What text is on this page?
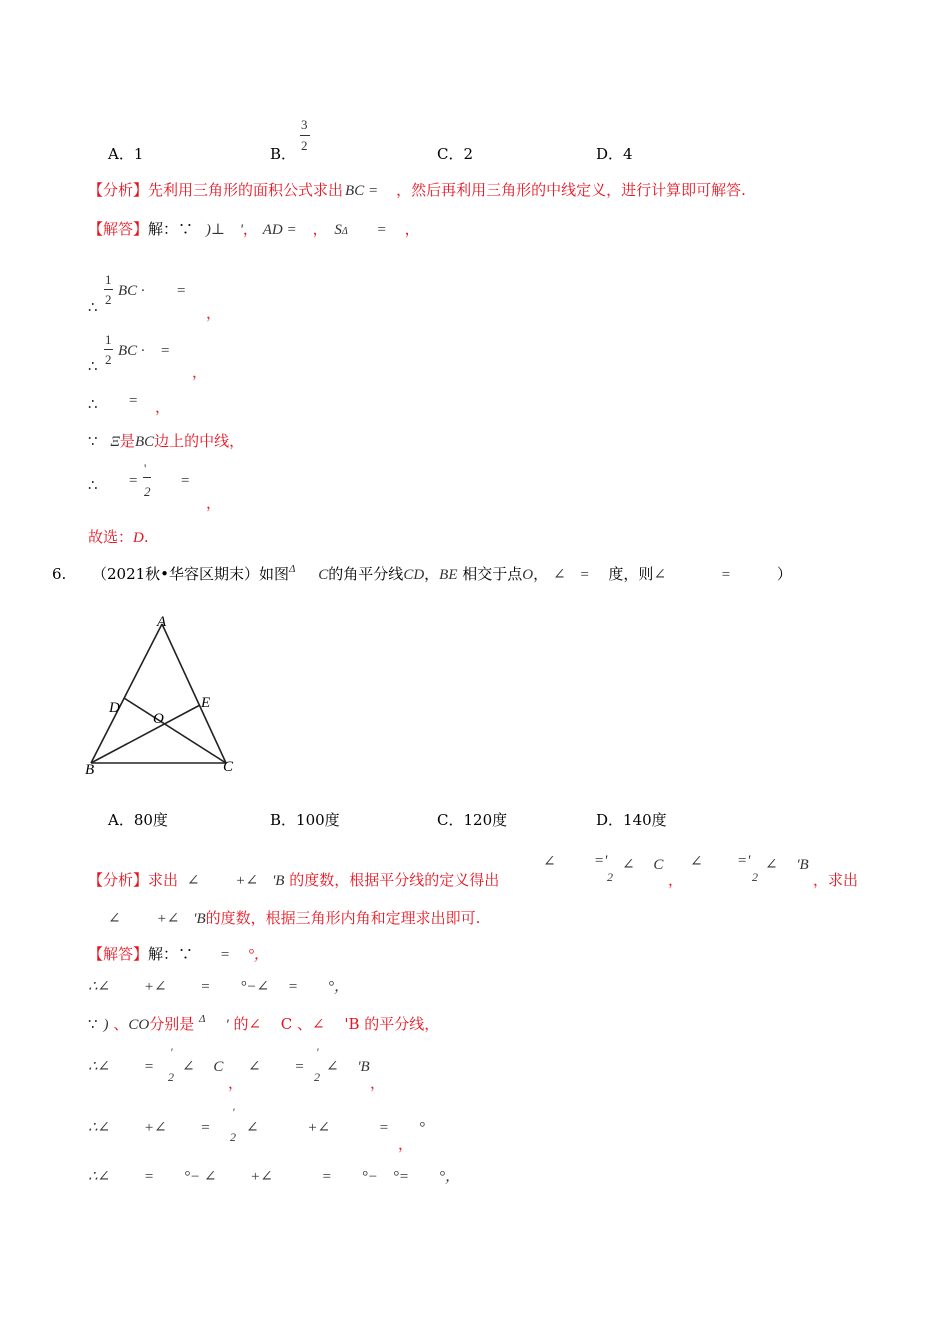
A．1	B．
3
2	C．2	D．4
【分析】先利用三角形的面积公式求出 BC = ，然后再利用三角形的中线定义，进行计算即可解答.
【解答】解：∵ )⊥ '， AD = ， SΔ = ，
∴
1
2
BC · =
，
∴
1
2
BC · =
，
∴ = ，
∵ Ξ是BC边上的中线，
∴ =
'
2
=
，
故选：D.
6. （2021秋•华容区期末）如图$^\Delta$ C的角平分线CD，BE 相交于点O， ∠ = 度，则∠	=	）
A
B	C
D	E
O
A．80度	B．100度	C．120度	D．140度
【分析】求出 ∠ +∠ 'B 的度数，根据平分线的定义得出
∠	='
2
∠　 C
，
∠ ='
2
∠　 'B
，求出
∠ +∠ 'B的度数，根据三角形内角和定理求出即可.
【解答】解：∵ = °，
∴∠　　 +∠　　 =　　°−∠　 =　　°，
∵ ) 、CO分别是 $^\Delta$ ' 的∠　 C 、∠　 'B 的平分线，
∴∠　　 =
'
2
∠　 C
，
∠　　 =
'
2
∠　 'B
，
∴∠　　 +∠　　 =
'
2
∠　　　 +∠　　　 =　　°
，
∴∠　　 =　　°− ∠　　 +∠　　 　=　　°−　°=　　°，
